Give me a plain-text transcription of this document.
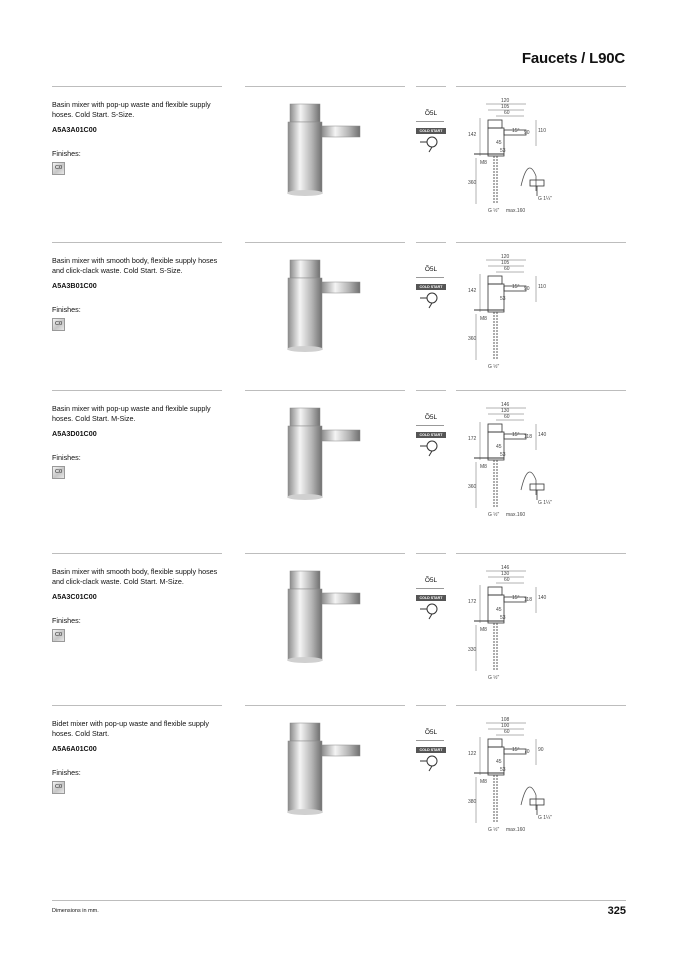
Faucets / L90C
Basin mixer with pop-up waste and flexible supply hoses. Cold Start. S-Size.
A5A3A01C00
Finishes:
C0
Õ5L
COLD START
120
105
60
142
15° 90 110
45
53
M8
360
G ½"
G 1¼"
max.160
Basin mixer with smooth body, flexible supply hoses and click-clack waste. Cold Start. S-Size.
A5A3B01C00
Finishes:
C0
Õ5L
COLD START
120
105
60
142
15° 90 110
53
M8
360
G ½"
Basin mixer with pop-up waste and flexible supply hoses. Cold Start. M-Size.
A5A3D01C00
Finishes:
C0
Õ5L
COLD START
146
130
60
172
15° 118 140
45
53
M8
360
G ½"
G 1¼"
max.160
Basin mixer with smooth body, flexible supply hoses and click-clack waste. Cold Start. M-Size.
A5A3C01C00
Finishes:
C0
Õ5L
COLD START
146
130
60
172
15° 118 140
45
53
M8
330
G ½"
Bidet mixer with pop-up waste and flexible supply hoses. Cold Start.
A5A6A01C00
Finishes:
C0
Õ5L
COLD START
108
100
60
122
15° 70 90
45
53
M8
380
G ½"
G 1¼"
max.160
Dimensions in mm.	325
